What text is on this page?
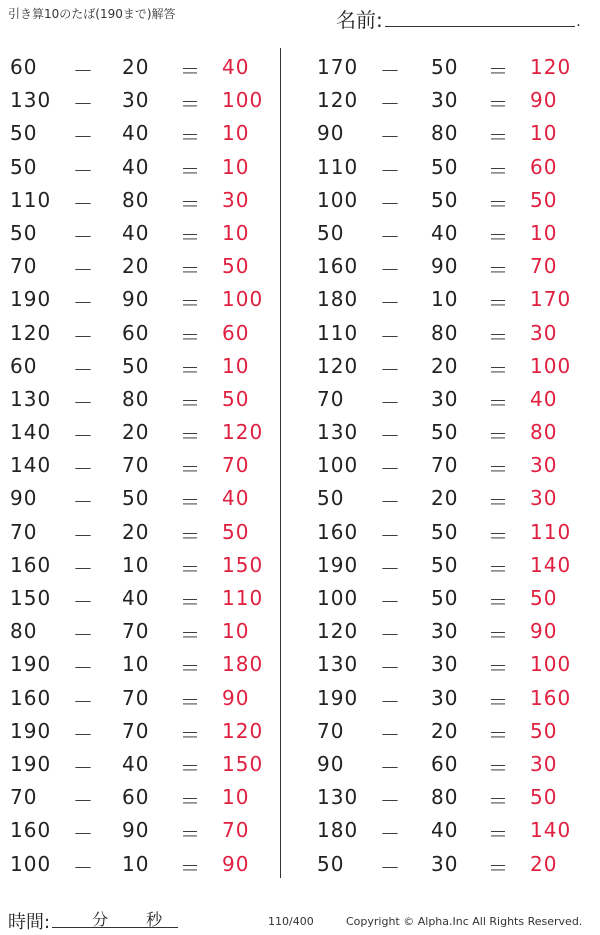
引き算10のたば(190まで)解答	名前:	.
60 － 20 ＝ 40
130 － 30 ＝ 100
50 － 40 ＝ 10
50 － 40 ＝ 10
110 － 80 ＝ 30
50 － 40 ＝ 10
70 － 20 ＝ 50
190 － 90 ＝ 100
120 － 60 ＝ 60
60 － 50 ＝ 10
130 － 80 ＝ 50
140 － 20 ＝ 120
140 － 70 ＝ 70
90 － 50 ＝ 40
70 － 20 ＝ 50
160 － 10 ＝ 150
150 － 40 ＝ 110
80 － 70 ＝ 10
190 － 10 ＝ 180
160 － 70 ＝ 90
190 － 70 ＝ 120
190 － 40 ＝ 150
70 － 60 ＝ 10
160 － 90 ＝ 70
100 － 10 ＝ 90
170 － 50 ＝ 120
120 － 30 ＝ 90
90 － 80 ＝ 10
110 － 50 ＝ 60
100 － 50 ＝ 50
50 － 40 ＝ 10
160 － 90 ＝ 70
180 － 10 ＝ 170
110 － 80 ＝ 30
120 － 20 ＝ 100
70 － 30 ＝ 40
130 － 50 ＝ 80
100 － 70 ＝ 30
50 － 20 ＝ 30
160 － 50 ＝ 110
190 － 50 ＝ 140
100 － 50 ＝ 50
120 － 30 ＝ 90
130 － 30 ＝ 100
190 － 30 ＝ 160
70 － 20 ＝ 50
90 － 60 ＝ 30
130 － 80 ＝ 50
180 － 40 ＝ 140
50 － 30 ＝ 20
時間:	分 秒	110/400	Copyright © Alpha.Inc All Rights Reserved.
